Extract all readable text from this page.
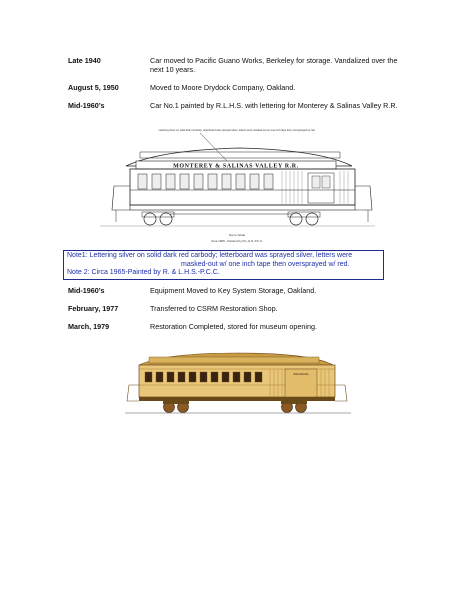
Late 1940	Car moved to Pacific Guano Works, Berkeley for storage. Vandalized over the next 10 years.
August 5, 1950	Moved to Moore Drydock Company, Oakland.
Mid-1960’s	Car No.1 painted by R.L.H.S. with lettering for Monterey & Salinas Valley R.R.
Lettering silver on solid dark red body; letterboard was sprayed silver, letters were masked-out w/ one inch tape then oversprayed w/ red.
MONTEREY & SALINAS VALLEY R.R.
Not to Scale
circa 1965 - Painted by R.L.H.S. P.C.C.
Note1: Lettering silver on solid dark red carbody; letterboard was sprayed silver, letters were
masked-out w/ one inch tape then oversprayed w/ red.
Note 2: Circa 1965-Painted by R. & L.H.S.-P.C.C.
Mid-1960’s	Equipment Moved to Key System Storage, Oakland.
February, 1977	Transferred to CSRM Restoration Shop.
March, 1979	Restoration Completed, stored for museum opening.
BAGGAGE
